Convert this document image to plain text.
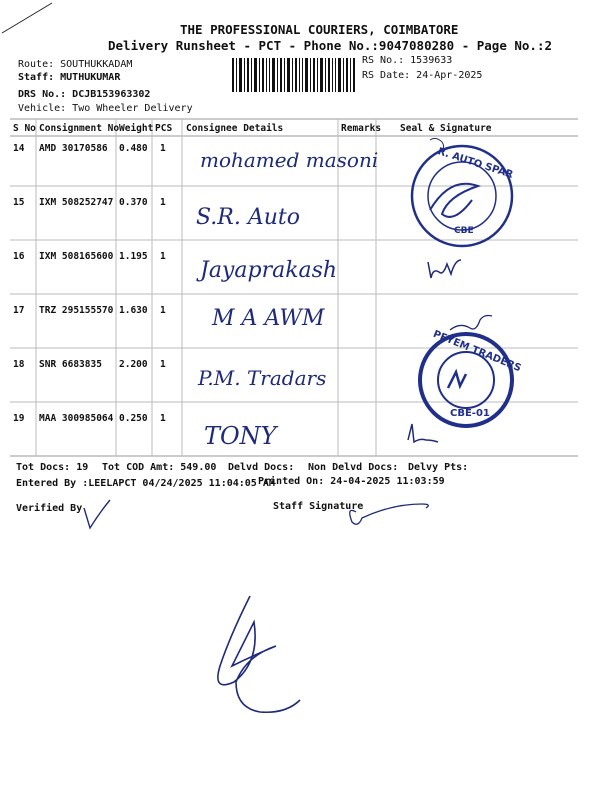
THE PROFESSIONAL COURIERS, COIMBATORE
Delivery Runsheet - PCT - Phone No.:9047080280 - Page No.:2
Route: SOUTHUKKADAM
Staff: MUTHUKUMAR
DRS No.: DCJB153963302
Vehicle: Two Wheeler Delivery
RS No.: 1539633
RS Date: 24-Apr-2025
S No Consignment No Weight PCS Consignee Details	Remarks Seal & Signature
14 AMD 30170586 0.480 1 mohamed masoni
15 IXM 508252747 0.370 1
S.R. Auto
16 IXM 508165600 1.195 1
Jayaprakash
17 TRZ 295155570 1.630 1 M A AWM
18 SNR 6683835 2.200 1
P.M. Tradars
19 MAA 300985064 0.250 1
TONY
R. AUTO SPAR
CBE
PEYEM TRADERS
CBE-01
Tot Docs: 19 Tot COD Amt: 549.00 Delvd Docs: Non Delvd Docs: Delvy Pts:
Entered By :LEELAPCT 04/24/2025 11:04:05 AM
Printed On: 24-04-2025 11:03:59
Verified By	Staff Signature
